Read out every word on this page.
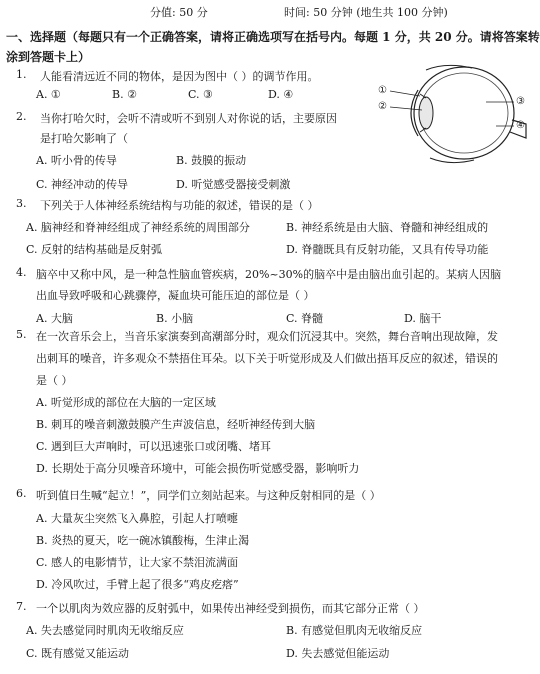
分值: 50 分	时间: 50 分钟 (地生共 100 分钟)
一、选择题（每题只有一个正确答案，请将正确选项写在括号内。每题 1 分，共 20 分。请将答案转
涂到答题卡上）
①
②	③
④
1. 人能看清远近不同的物体，是因为图中（ ）的调节作用。
A. ①	B. ②	C. ③	D. ④
2. 当你打哈欠时，会听不清或听不到别人对你说的话，主要原因
是打哈欠影响了（
A. 听小骨的传导	B. 鼓膜的振动
C. 神经冲动的传导	D. 听觉感受器接受刺激
3. 下列关于人体神经系统结构与功能的叙述，错误的是（ ）
A. 脑神经和脊神经组成了神经系统的周围部分	B. 神经系统是由大脑、脊髓和神经组成的
C. 反射的结构基础是反射弧	D. 脊髓既具有反射功能，又具有传导功能
4. 脑卒中又称中风，是一种急性脑血管疾病，20%~30%的脑卒中是由脑出血引起的。某病人因脑
出血导致呼吸和心跳骤停，凝血块可能压迫的部位是（ ）
A. 大脑	B. 小脑	C. 脊髓	D. 脑干
5. 在一次音乐会上，当音乐家演奏到高潮部分时，观众们沉浸其中。突然，舞台音响出现故障，发
出刺耳的噪音，许多观众不禁捂住耳朵。以下关于听觉形成及人们做出捂耳反应的叙述，错误的
是（ ）
A. 听觉形成的部位在大脑的一定区域
B. 刺耳的噪音刺激鼓膜产生声波信息，经听神经传到大脑
C. 遇到巨大声响时，可以迅速张口或闭嘴、堵耳
D. 长期处于高分贝噪音环境中，可能会损伤听觉感受器，影响听力
6. 听到值日生喊“起立！”，同学们立刻站起来。与这种反射相同的是（ ）
A. 大量灰尘突然飞入鼻腔，引起人打喷嚏
B. 炎热的夏天，吃一碗冰镇酸梅，生津止渴
C. 感人的电影情节，让大家不禁泪流满面
D. 冷风吹过，手臂上起了很多“鸡皮疙瘩”
7. 一个以肌肉为效应器的反射弧中，如果传出神经受到损伤，而其它部分正常（ ）
A. 失去感觉同时肌肉无收缩反应	B. 有感觉但肌肉无收缩反应
C. 既有感觉又能运动	D. 失去感觉但能运动
